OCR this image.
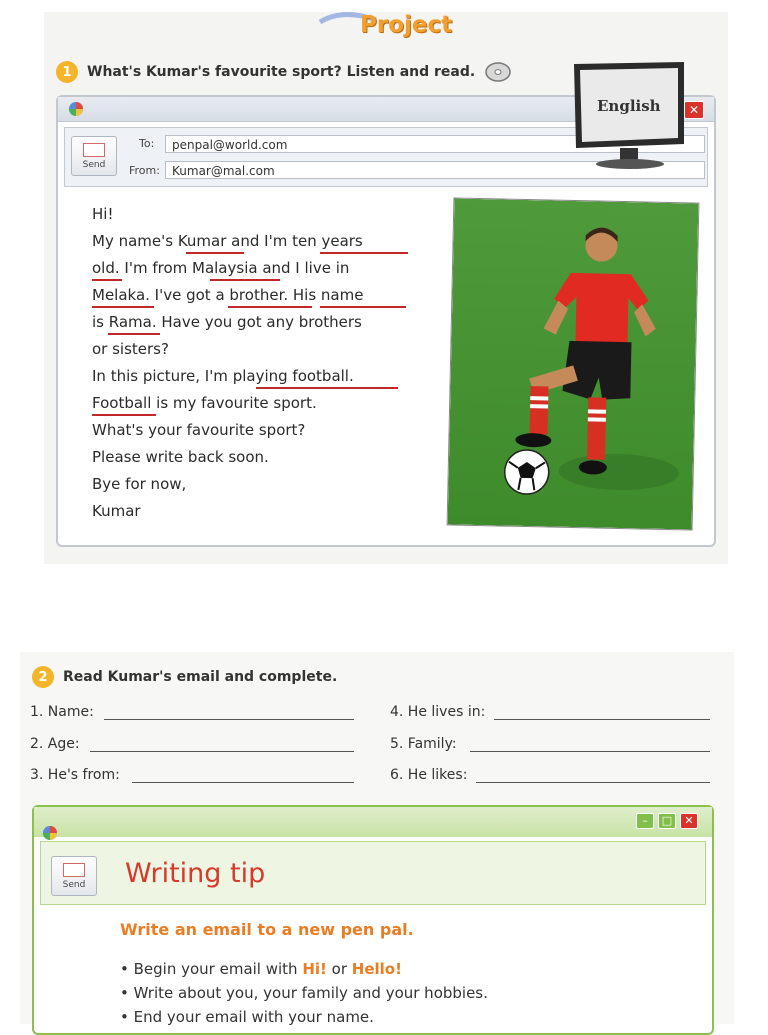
Project
1	What's Kumar's favourite sport? Listen and read.
✕
Send
To:	penpal@world.com
From:	Kumar@mal.com
English
Hi!
My name's Kumar and I'm ten years
old. I'm from Malaysia and I live in
Melaka. I've got a brother. His name
is Rama. Have you got any brothers
or sisters?
In this picture, I'm playing football.
Football is my favourite sport.
What's your favourite sport?
Please write back soon.
Bye for now,
Kumar
2	Read Kumar's email and complete.
1. Name:
2. Age:
3. He's from:
4. He lives in:
5. Family:
6. He likes:
–	□	✕
Send	Writing tip
Write an email to a new pen pal.
• Begin your email with Hi! or Hello!
• Write about you, your family and your hobbies.
• End your email with your name.
